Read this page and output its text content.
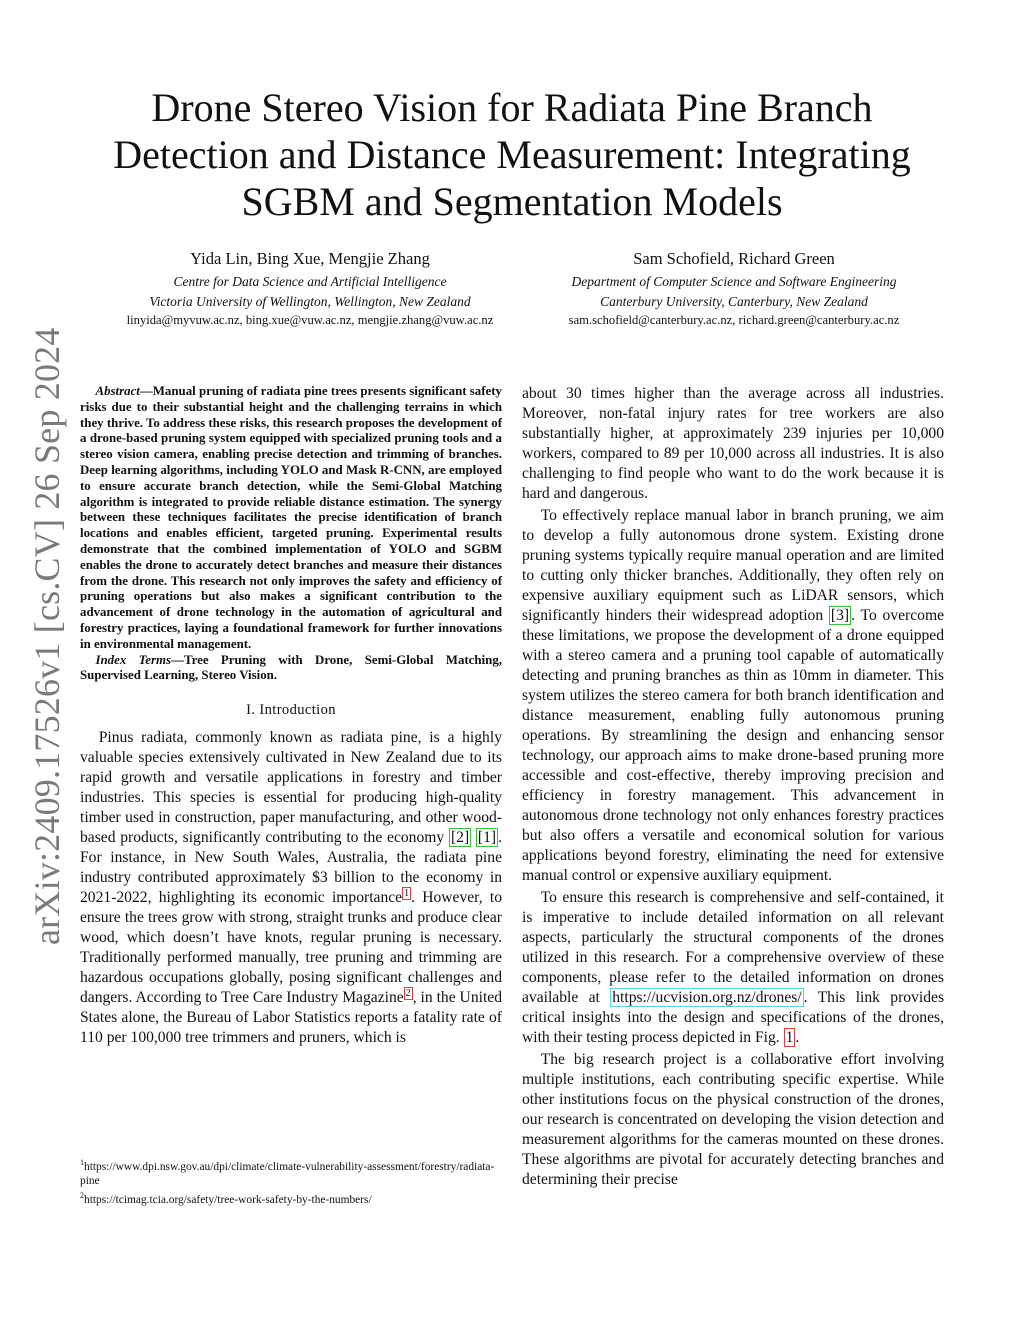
arXiv:2409.17526v1 [cs.CV] 26 Sep 2024
Drone Stereo Vision for Radiata Pine Branch
Detection and Distance Measurement: Integrating
SGBM and Segmentation Models
Yida Lin, Bing Xue, Mengjie Zhang
Centre for Data Science and Artificial Intelligence
Victoria University of Wellington, Wellington, New Zealand
linyida@myvuw.ac.nz, bing.xue@vuw.ac.nz, mengjie.zhang@vuw.ac.nz
Sam Schofield, Richard Green
Department of Computer Science and Software Engineering
Canterbury University, Canterbury, New Zealand
sam.schofield@canterbury.ac.nz, richard.green@canterbury.ac.nz

Abstract—Manual pruning of radiata pine trees presents significant safety risks due to their substantial height and the challenging terrains in which they thrive. To address these risks, this research proposes the development of a drone-based pruning system equipped with specialized pruning tools and a stereo vision camera, enabling precise detection and trimming of branches. Deep learning algorithms, including YOLO and Mask R-CNN, are employed to ensure accurate branch detection, while the Semi-Global Matching algorithm is integrated to provide reliable distance estimation. The synergy between these techniques facilitates the precise identification of branch locations and enables efficient, targeted pruning. Experimental results demonstrate that the combined implementation of YOLO and SGBM enables the drone to accurately detect branches and measure their distances from the drone. This research not only improves the safety and efficiency of pruning operations but also makes a significant contribution to the advancement of drone technology in the automation of agricultural and forestry practices, laying a foundational framework for further innovations in environmental management.

Index Terms—Tree Pruning with Drone, Semi-Global Matching, Supervised Learning, Stereo Vision.

I. Introduction

Pinus radiata, commonly known as radiata pine, is a highly valuable species extensively cultivated in New Zealand due to its rapid growth and versatile applications in forestry and timber industries. This species is essential for producing high-quality timber used in construction, paper manufacturing, and other wood-based products, significantly contributing to the economy [2] [1] . For instance, in New South Wales, Australia, the radiata pine industry contributed approximately $3 billion to the economy in 2021-2022, highlighting its economic importance $^1$ . However, to ensure the trees grow with strong, straight trunks and produce clear wood, which doesn’t have knots, regular pruning is necessary. Traditionally performed manually, tree pruning and trimming are hazardous occupations globally, posing significant challenges and dangers. According to Tree Care Industry Magazine $^2$ , in the United States alone, the Bureau of Labor Statistics reports a fatality rate of 110 per 100,000 tree trimmers and pruners, which is

$^1$https://www.dpi.nsw.gov.au/dpi/climate/climate-vulnerability-assessment/forestry/radiata-pine

$^2$https://tcimag.tcia.org/safety/tree-work-safety-by-the-numbers/

about 30 times higher than the average across all industries. Moreover, non-fatal injury rates for tree workers are also substantially higher, at approximately 239 injuries per 10,000 workers, compared to 89 per 10,000 across all industries. It is also challenging to find people who want to do the work because it is hard and dangerous.

To effectively replace manual labor in branch pruning, we aim to develop a fully autonomous drone system. Existing drone pruning systems typically require manual operation and are limited to cutting only thicker branches. Additionally, they often rely on expensive auxiliary equipment such as LiDAR sensors, which significantly hinders their widespread adoption [3] . To overcome these limitations, we propose the development of a drone equipped with a stereo camera and a pruning tool capable of automatically detecting and pruning branches as thin as 10mm in diameter. This system utilizes the stereo camera for both branch identification and distance measurement, enabling fully autonomous pruning operations. By streamlining the design and enhancing sensor technology, our approach aims to make drone-based pruning more accessible and cost-effective, thereby improving precision and efficiency in forestry management. This advancement in autonomous drone technology not only enhances forestry practices but also offers a versatile and economical solution for various applications beyond forestry, eliminating the need for extensive manual control or expensive auxiliary equipment.

To ensure this research is comprehensive and self-contained, it is imperative to include detailed information on all relevant aspects, particularly the structural components of the drones utilized in this research. For a comprehensive overview of these components, please refer to the detailed information on drones available at https://ucvision.org.nz/drones/ . This link provides critical insights into the design and specifications of the drones, with their testing process depicted in Fig. 1 .

The big research project is a collaborative effort involving multiple institutions, each contributing specific expertise. While other institutions focus on the physical construction of the drones, our research is concentrated on developing the vision detection and measurement algorithms for the cameras mounted on these drones. These algorithms are pivotal for accurately detecting branches and determining their precise
